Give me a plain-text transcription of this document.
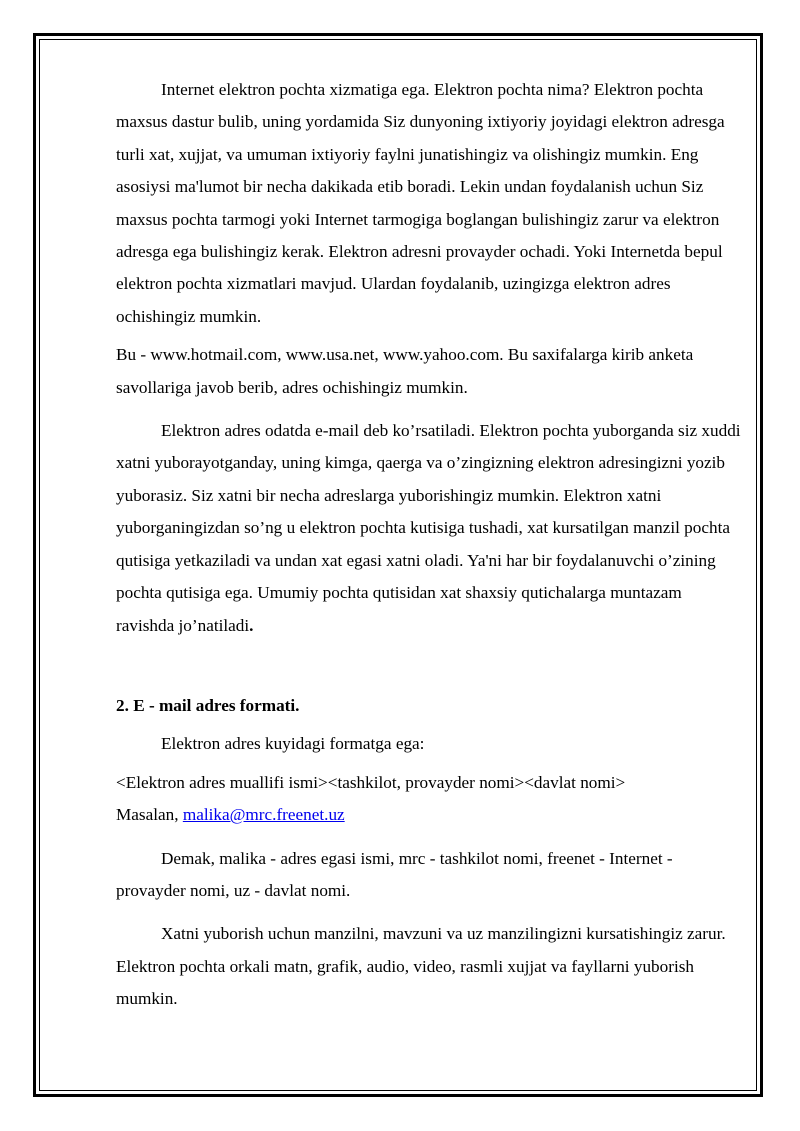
Internet elektron pochta xizmatiga ega. Elektron pochta nima? Elektron pochta maxsus dastur bulib, uning yordamida Siz dunyoning ixtiyoriy joyidagi elektron adresga turli xat, xujjat, va umuman ixtiyoriy faylni junatishingiz va olishingiz mumkin. Eng asosiysi ma'lumot bir necha dakikada etib boradi. Lekin undan foydalanish uchun Siz maxsus pochta tarmogi yoki Internet tarmogiga boglangan bulishingiz zarur va elektron adresga ega bulishingiz kerak. Elektron adresni provayder ochadi. Yoki Internetda bepul elektron pochta xizmatlari mavjud. Ulardan foydalanib, uzingizga elektron adres ochishingiz mumkin.

Bu - www.hotmail.com, www.usa.net, www.yahoo.com. Bu saxifalarga kirib anketa savollariga javob berib, adres ochishingiz mumkin.

Elektron adres odatda e-mail deb ko’rsatiladi. Elektron pochta yuborganda siz xuddi xatni yuborayotganday, uning kimga, qaerga va o’zingizning elektron adresingizni yozib yuborasiz. Siz xatni bir necha adreslarga yuborishingiz mumkin. Elektron xatni yuborganingizdan so’ng u elektron pochta kutisiga tushadi, xat kursatilgan manzil pochta qutisiga yetkaziladi va undan xat egasi xatni oladi. Ya'ni har bir foydalanuvchi o’zining pochta qutisiga ega. Umumiy pochta qutisidan xat shaxsiy qutichalarga muntazam ravishda jo’natiladi.

2. E - mail adres formati.

Elektron adres kuyidagi formatga ega:

<Elektron adres muallifi ismi><tashkilot, provayder nomi><davlat nomi>
Masalan, malika@mrc.freenet.uz

Demak, malika - adres egasi ismi, mrc - tashkilot nomi, freenet - Internet - provayder nomi, uz - davlat nomi.

Xatni yuborish uchun manzilni, mavzuni va uz manzilingizni kursatishingiz zarur. Elektron pochta orkali matn, grafik, audio, video, rasmli xujjat va fayllarni yuborish mumkin.
